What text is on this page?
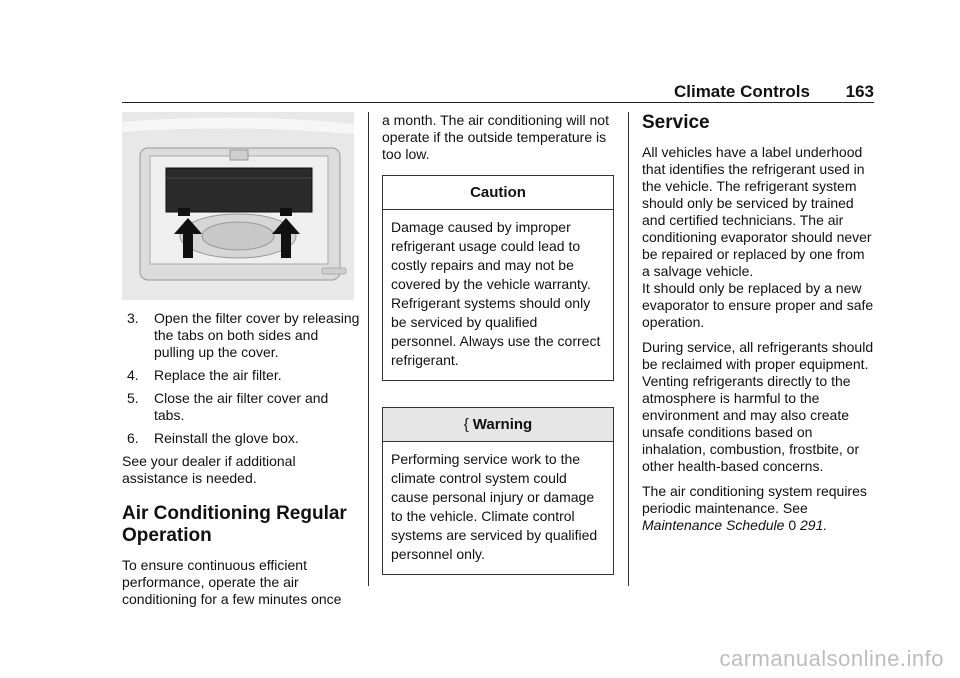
Climate Controls 163
3. Open the filter cover by releasing the tabs on both sides and pulling up the cover.
4. Replace the air filter.
5. Close the air filter cover and tabs.
6. Reinstall the glove box.

See your dealer if additional assistance is needed.

Air Conditioning Regular Operation

To ensure continuous efficient performance, operate the air conditioning for a few minutes once

a month. The air conditioning will not operate if the outside temperature is too low.

Caution
Damage caused by improper refrigerant usage could lead to costly repairs and may not be covered by the vehicle warranty. Refrigerant systems should only be serviced by qualified personnel. Always use the correct refrigerant.
{ Warning
Performing service work to the climate control system could cause personal injury or damage to the vehicle. Climate control systems are serviced by qualified personnel only.
Service

All vehicles have a label underhood that identifies the refrigerant used in the vehicle. The refrigerant system should only be serviced by trained and certified technicians. The air conditioning evaporator should never be repaired or replaced by one from a salvage vehicle.

It should only be replaced by a new evaporator to ensure proper and safe operation.

During service, all refrigerants should be reclaimed with proper equipment. Venting refrigerants directly to the atmosphere is harmful to the environment and may also create unsafe conditions based on inhalation, combustion, frostbite, or other health-based concerns.

The air conditioning system requires periodic maintenance. See Maintenance Schedule 0 291.

carmanualsonline.info
